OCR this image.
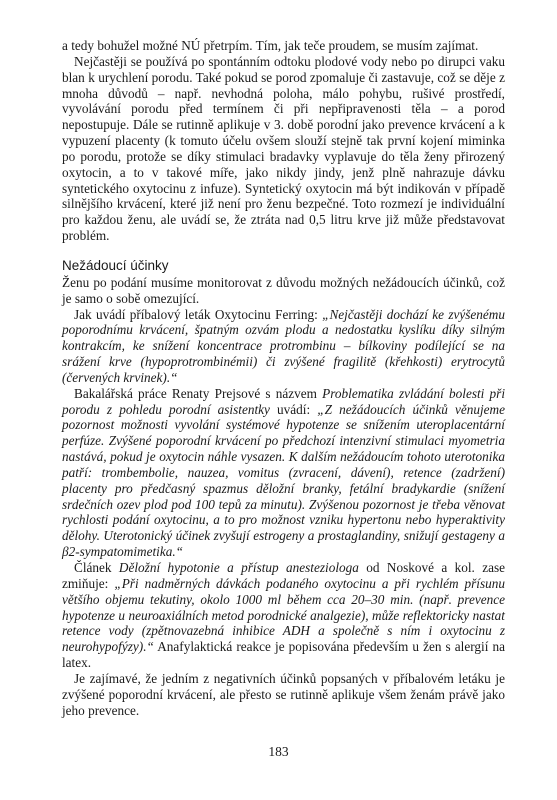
a tedy bohužel možné NÚ přetrpím. Tím, jak teče proudem, se musím zajímat.

Nejčastěji se používá po spontánním odtoku plodové vody nebo po dirupci vaku blan k urychlení porodu. Také pokud se porod zpomaluje či zastavuje, což se děje z mnoha důvodů – např. nevhodná poloha, málo pohybu, rušivé prostředí, vyvolávání porodu před termínem či při nepřipravenosti těla – a porod nepostupuje. Dále se rutinně aplikuje v 3. době porodní jako prevence krvácení a k vypuzení placenty (k tomuto účelu ovšem slouží stejně tak první kojení miminka po porodu, protože se díky stimulaci bradavky vyplavuje do těla ženy přirozený oxytocin, a to v takové míře, jako nikdy jindy, jenž plně nahrazuje dávku syntetického oxytocinu z infuze). Syntetický oxytocin má být indikován v případě silnějšího krvácení, které již není pro ženu bezpečné. Toto rozmezí je individuální pro každou ženu, ale uvádí se, že ztráta nad 0,5 litru krve již může představovat problém.

Nežádoucí účinky

Ženu po podání musíme monitorovat z důvodu možných nežádoucích účinků, což je samo o sobě omezující.

Jak uvádí příbalový leták Oxytocinu Ferring: „Nejčastěji dochází ke zvýšenému poporodnímu krvácení, špatným ozvám plodu a nedostatku kyslíku díky silným kontrakcím, ke snížení koncentrace protrombinu – bílkoviny podílející se na srážení krve (hypoprotrombinémii) či zvýšené fragilitě (křehkosti) erytrocytů (červených krvinek).“

Bakalářská práce Renaty Prejsové s názvem Problematika zvládání bolesti při porodu z pohledu porodní asistentky uvádí: „Z nežádoucích účinků věnujeme pozornost možnosti vyvolání systémové hypotenze se snížením uteroplacentární perfúze. Zvýšené poporodní krvácení po předchozí intenzivní stimulaci myometria nastává, pokud je oxytocin náhle vysazen. K dalším nežádoucím tohoto uterotonika patří: trombembolie, nauzea, vomitus (zvracení, dávení), retence (zadržení) placenty pro předčasný spazmus děložní branky, fetální bradykardie (snížení srdečních ozev plod pod 100 tepů za minutu). Zvýšenou pozornost je třeba věnovat rychlosti podání oxytocinu, a to pro možnost vzniku hypertonu nebo hyperaktivity dělohy. Uterotonický účinek zvyšují estrogeny a prostaglandiny, snižují gestageny a β2-sympatomimetika.“

Článek Děložní hypotonie a přístup anesteziologa od Noskové a kol. zase zmiňuje: „Při nadměrných dávkách podaného oxytocinu a při rychlém přísunu většího objemu tekutiny, okolo 1000 ml během cca 20–30 min. (např. prevence hypotenze u neuroaxiálních metod porodnické analgezie), může reflektoricky nastat retence vody (zpětnovazebná inhibice ADH a společně s ním i oxytocinu z neurohypofýzy).“ Anafylaktická reakce je popisována především u žen s alergií na latex.

Je zajímavé, že jedním z negativních účinků popsaných v příbalovém letáku je zvýšené poporodní krvácení, ale přesto se rutinně aplikuje všem ženám právě jako jeho prevence.

183
